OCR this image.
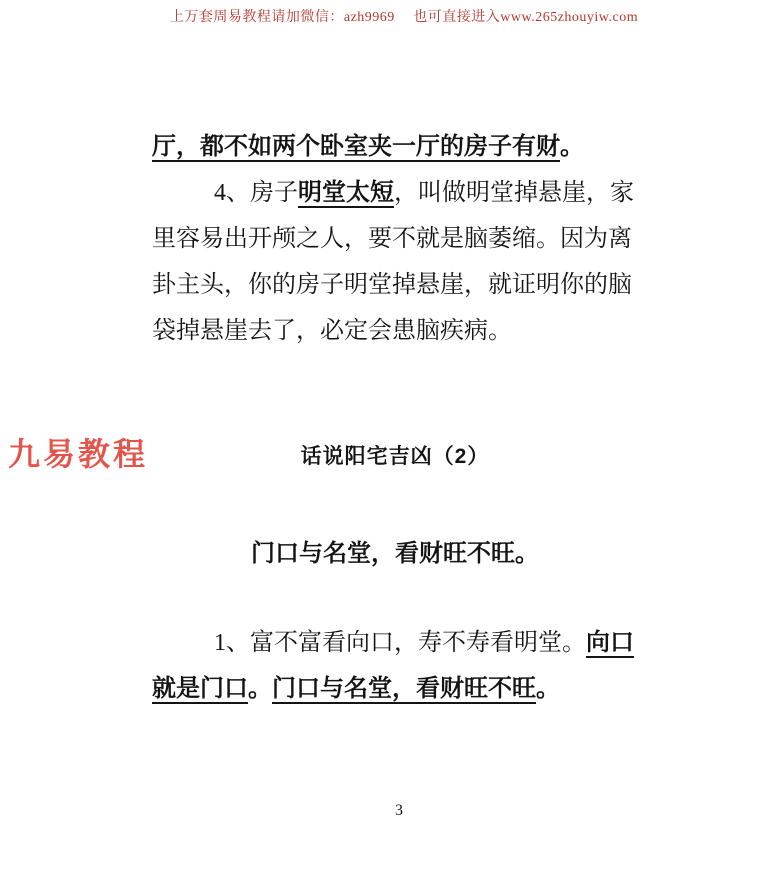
上万套周易教程请加微信：azh9969　 也可直接进入www.265zhouyiw.com
九易教程
厅，都不如两个卧室夹一厅的房子有财。
4、房子明堂太短，叫做明堂掉悬崖，家
里容易出开颅之人，要不就是脑萎缩。因为离
卦主头，你的房子明堂掉悬崖，就证明你的脑
袋掉悬崖去了，必定会患脑疾病。
话说阳宅吉凶（2）
门口与名堂，看财旺不旺。
1、富不富看向口，寿不寿看明堂。向口
就是门口。门口与名堂，看财旺不旺。
3
